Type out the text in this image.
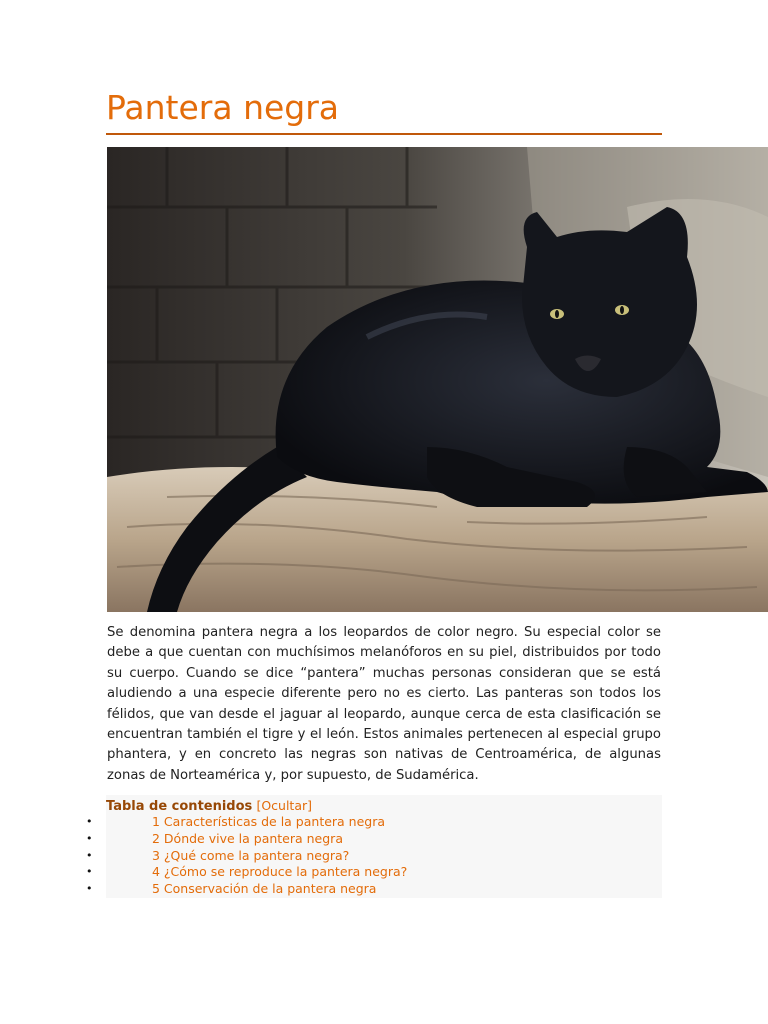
Pantera negra

Se denomina pantera negra a los leopardos de color negro. Su especial color se debe a que cuentan con muchísimos melanóforos en su piel, distribuidos por todo su cuerpo. Cuando se dice “pantera” muchas personas consideran que se está aludiendo a una especie diferente pero no es cierto. Las panteras son todos los félidos, que van desde el jaguar al leopardo, aunque cerca de esta clasificación se encuentran también el tigre y el león. Estos animales pertenecen al especial grupo phantera, y en concreto las negras son nativas de Centroamérica, de algunas zonas de Norteamérica y, por supuesto, de Sudamérica.

Tabla de contenidos [Ocultar]
•	1 Características de la pantera negra
•	2 Dónde vive la pantera negra
•	3 ¿Qué come la pantera negra?
•	4 ¿Cómo se reproduce la pantera negra?
•	5 Conservación de la pantera negra
